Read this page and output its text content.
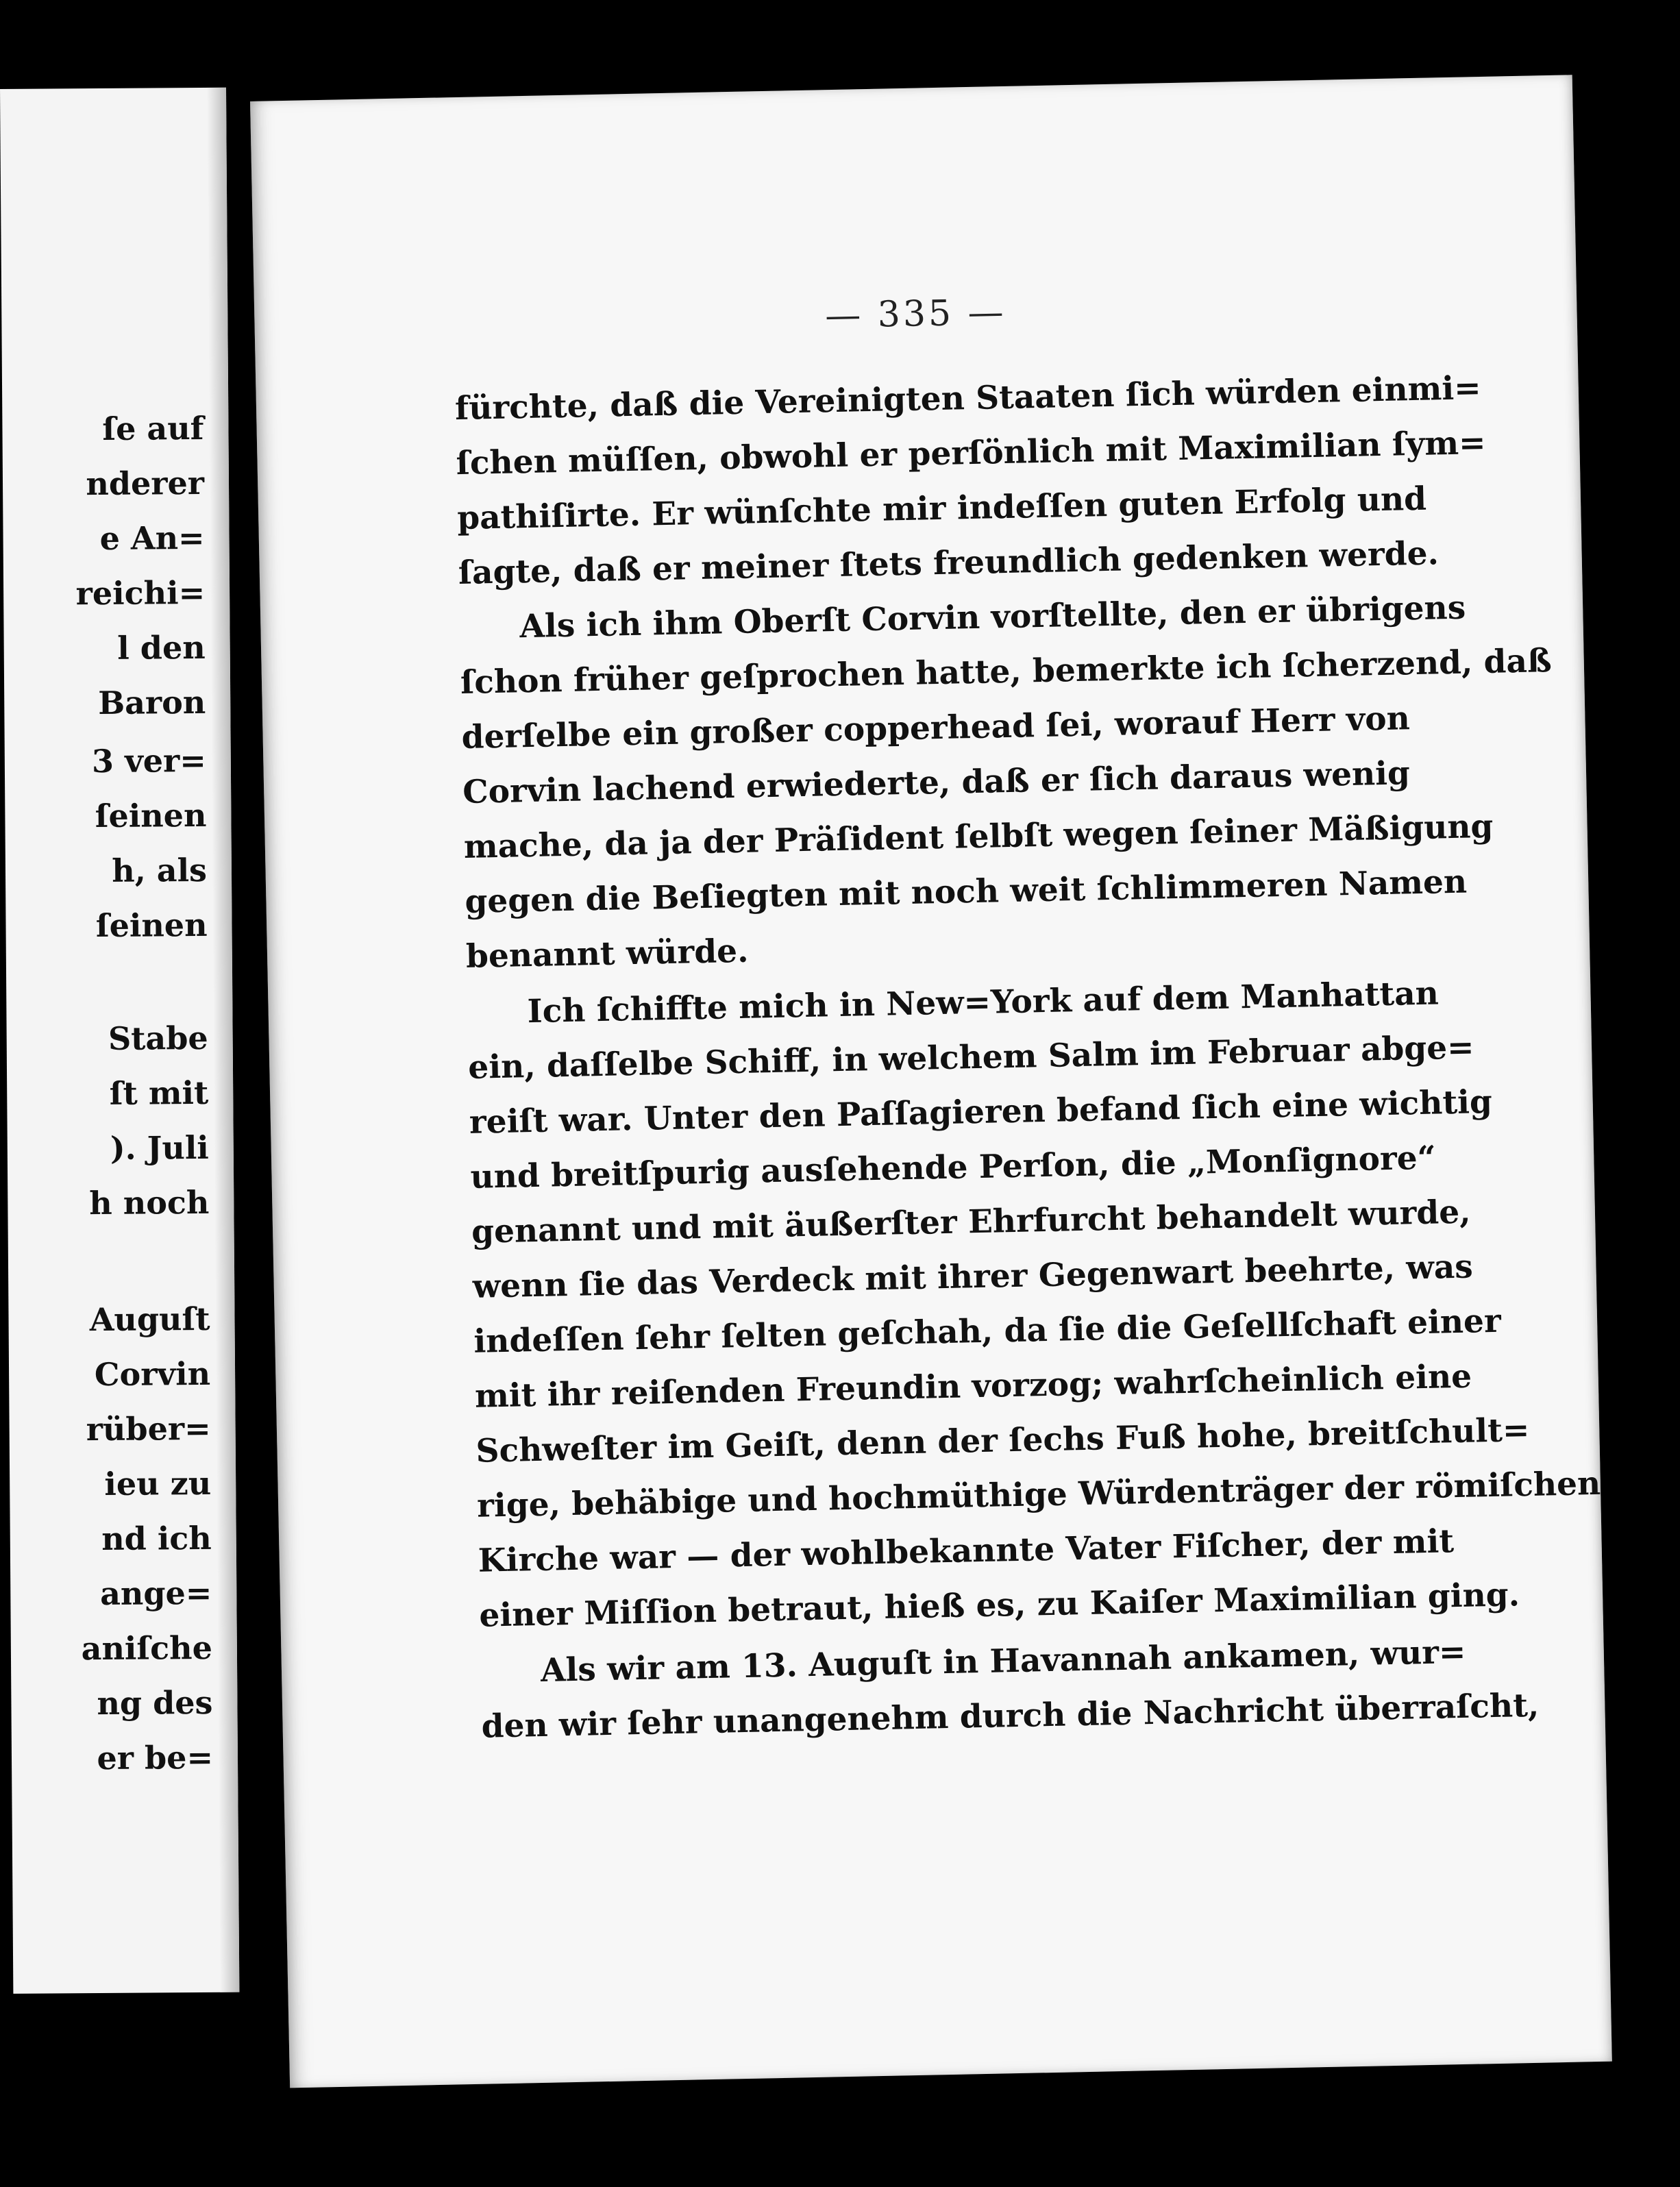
ſe auf
nderer
e An=
reichi=
l den
Baron
3 ver=
ſeinen
h, als
ſeinen
Stabe
ſt mit
). Juli
h noch
Auguſt
Corvin
rüber=
ieu zu
nd ich
ange=
aniſche
ng des
er be=
— 335 —
fürchte, daß die Vereinigten Staaten ſich würden einmi=
ſchen müſſen, obwohl er perſönlich mit Maximilian ſym=
pathiſirte. Er wünſchte mir indeſſen guten Erfolg und
ſagte, daß er meiner ſtets freundlich gedenken werde.
Als ich ihm Oberſt Corvin vorſtellte, den er übrigens
ſchon früher geſprochen hatte, bemerkte ich ſcherzend, daß
derſelbe ein großer copperhead ſei, worauf Herr von
Corvin lachend erwiederte, daß er ſich daraus wenig
mache, da ja der Präſident ſelbſt wegen ſeiner Mäßigung
gegen die Beſiegten mit noch weit ſchlimmeren Namen
benannt würde.
Ich ſchiffte mich in New=York auf dem Manhattan
ein, daſſelbe Schiff, in welchem Salm im Februar abge=
reiſt war. Unter den Paſſagieren befand ſich eine wichtig
und breitſpurig ausſehende Perſon, die „Monſignore“
genannt und mit äußerſter Ehrfurcht behandelt wurde,
wenn ſie das Verdeck mit ihrer Gegenwart beehrte, was
indeſſen ſehr ſelten geſchah, da ſie die Geſellſchaft einer
mit ihr reiſenden Freundin vorzog; wahrſcheinlich eine
Schweſter im Geiſt, denn der ſechs Fuß hohe, breitſchult=
rige, behäbige und hochmüthige Würdenträger der römiſchen
Kirche war — der wohlbekannte Vater Fiſcher, der mit
einer Miſſion betraut, hieß es, zu Kaiſer Maximilian ging.
Als wir am 13. Auguſt in Havannah ankamen, wur=
den wir ſehr unangenehm durch die Nachricht überraſcht,
